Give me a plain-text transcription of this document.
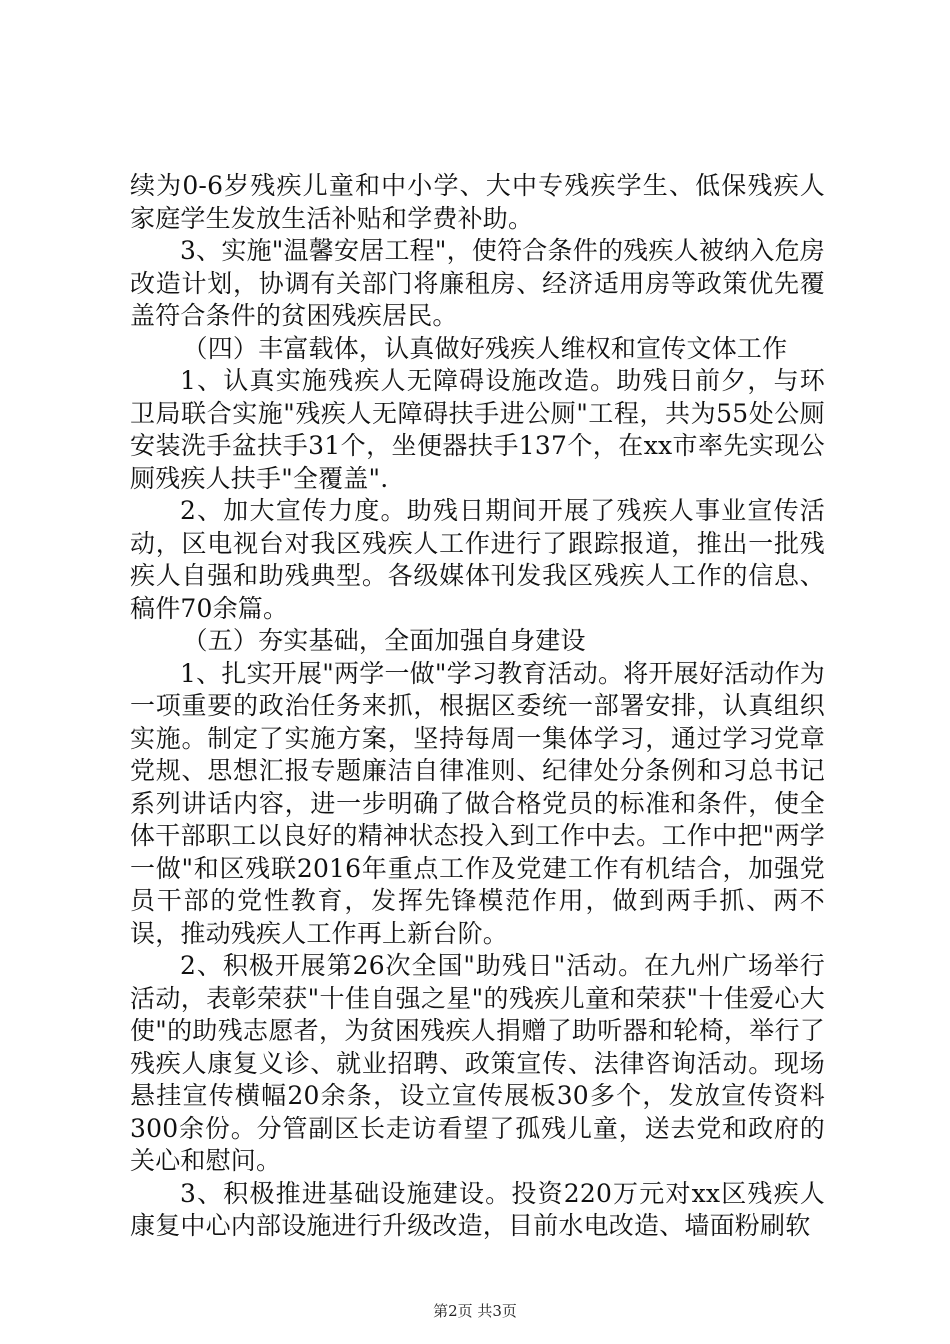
续为0-6岁残疾儿童和中小学、大中专残疾学生、低保残疾人家庭学生发放生活补贴和学费补助。

3、实施"温馨安居工程"，使符合条件的残疾人被纳入危房改造计划，协调有关部门将廉租房、经济适用房等政策优先覆盖符合条件的贫困残疾居民。

（四）丰富载体，认真做好残疾人维权和宣传文体工作

1、认真实施残疾人无障碍设施改造。助残日前夕，与环卫局联合实施"残疾人无障碍扶手进公厕"工程，共为55处公厕安装洗手盆扶手31个，坐便器扶手137个，在xx市率先实现公厕残疾人扶手"全覆盖".

2、加大宣传力度。助残日期间开展了残疾人事业宣传活动，区电视台对我区残疾人工作进行了跟踪报道，推出一批残疾人自强和助残典型。各级媒体刊发我区残疾人工作的信息、稿件70余篇。

（五）夯实基础，全面加强自身建设

1、扎实开展"两学一做"学习教育活动。将开展好活动作为一项重要的政治任务来抓，根据区委统一部署安排，认真组织实施。制定了实施方案，坚持每周一集体学习，通过学习党章党规、思想汇报专题廉洁自律准则、纪律处分条例和习总书记系列讲话内容，进一步明确了做合格党员的标准和条件，使全体干部职工以良好的精神状态投入到工作中去。工作中把"两学一做"和区残联2016年重点工作及党建工作有机结合，加强党员干部的党性教育，发挥先锋模范作用，做到两手抓、两不误，推动残疾人工作再上新台阶。

2、积极开展第26次全国"助残日"活动。在九州广场举行活动，表彰荣获"十佳自强之星"的残疾儿童和荣获"十佳爱心大使"的助残志愿者，为贫困残疾人捐赠了助听器和轮椅，举行了残疾人康复义诊、就业招聘、政策宣传、法律咨询活动。现场悬挂宣传横幅20余条，设立宣传展板30多个，发放宣传资料300余份。分管副区长走访看望了孤残儿童，送去党和政府的关心和慰问。

3、积极推进基础设施建设。投资220万元对xx区残疾人康复中心内部设施进行升级改造，目前水电改造、墙面粉刷软

第2页 共3页
